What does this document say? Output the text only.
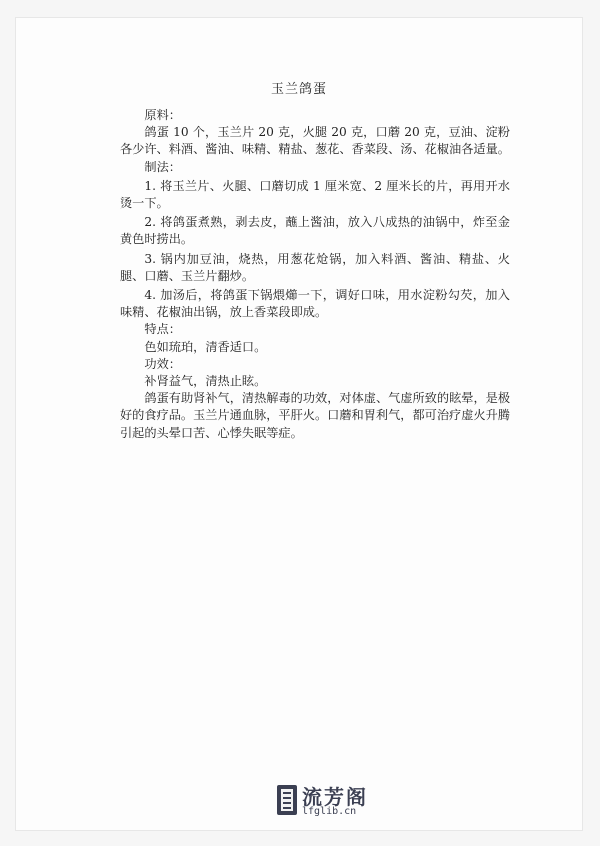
玉兰鸽蛋

原料：

鸽蛋 10 个，玉兰片 20 克，火腿 20 克，口蘑 20 克，豆油、淀粉各少许、料酒、酱油、味精、精盐、葱花、香菜段、汤、花椒油各适量。

制法：

1. 将玉兰片、火腿、口蘑切成 1 厘米宽、2 厘米长的片，再用开水烫一下。

2. 将鸽蛋煮熟，剥去皮，蘸上酱油，放入八成热的油锅中，炸至金黄色时捞出。

3. 锅内加豆油，烧热，用葱花炝锅，加入料酒、酱油、精盐、火腿、口蘑、玉兰片翻炒。

4. 加汤后，将鸽蛋下锅煨㸅一下，调好口味，用水淀粉勾芡，加入味精、花椒油出锅，放上香菜段即成。

特点：

色如琉珀，清香适口。

功效：

补肾益气，清热止眩。

鸽蛋有助肾补气，清热解毒的功效，对体虚、气虚所致的眩晕，是极好的食疗品。玉兰片通血脉，平肝火。口蘑和胃利气，都可治疗虚火升腾引起的头晕口苦、心悸失眠等症。

流芳阁
lfglib.cn
